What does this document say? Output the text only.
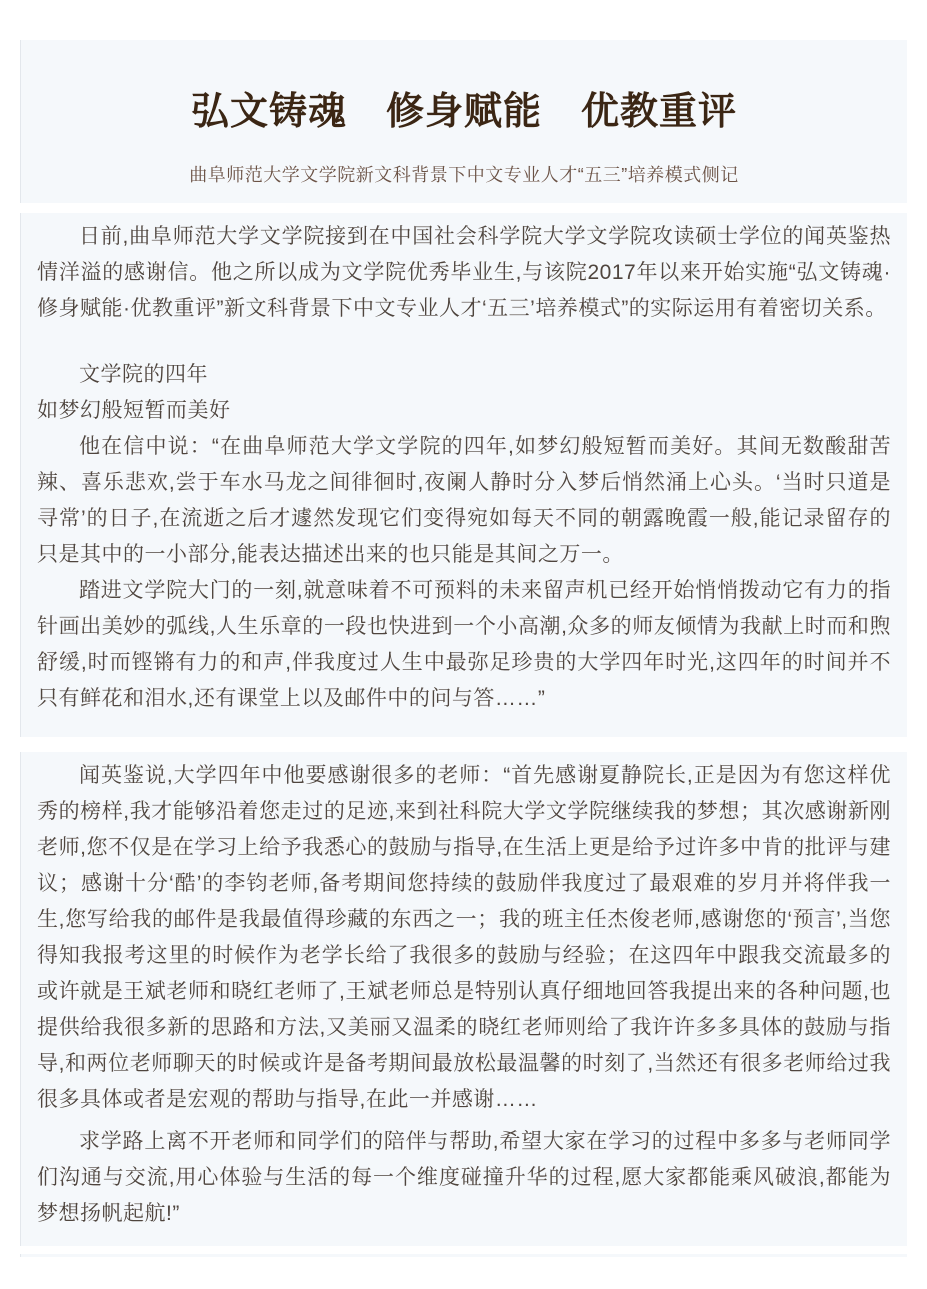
弘文铸魂　修身赋能　优教重评

曲阜师范大学文学院新文科背景下中文专业人才“五三”培养模式侧记

日前,曲阜师范大学文学院接到在中国社会科学院大学文学院攻读硕士学位的闻英鉴热情洋溢的感谢信。他之所以成为文学院优秀毕业生,与该院2017年以来开始实施“弘文铸魂·修身赋能·优教重评”新文科背景下中文专业人才‘五三’培养模式”的实际运用有着密切关系。

文学院的四年

如梦幻般短暂而美好

他在信中说：“在曲阜师范大学文学院的四年,如梦幻般短暂而美好。其间无数酸甜苦辣、喜乐悲欢,尝于车水马龙之间徘徊时,夜阑人静时分入梦后悄然涌上心头。‘当时只道是寻常’的日子,在流逝之后才遽然发现它们变得宛如每天不同的朝露晚霞一般,能记录留存的只是其中的一小部分,能表达描述出来的也只能是其间之万一。

踏进文学院大门的一刻,就意味着不可预料的未来留声机已经开始悄悄拨动它有力的指针画出美妙的弧线,人生乐章的一段也快进到一个小高潮,众多的师友倾情为我献上时而和煦舒缓,时而铿锵有力的和声,伴我度过人生中最弥足珍贵的大学四年时光,这四年的时间并不只有鲜花和泪水,还有课堂上以及邮件中的问与答……”

闻英鉴说,大学四年中他要感谢很多的老师：“首先感谢夏静院长,正是因为有您这样优秀的榜样,我才能够沿着您走过的足迹,来到社科院大学文学院继续我的梦想；其次感谢新刚老师,您不仅是在学习上给予我悉心的鼓励与指导,在生活上更是给予过许多中肯的批评与建议；感谢十分‘酷’的李钧老师,备考期间您持续的鼓励伴我度过了最艰难的岁月并将伴我一生,您写给我的邮件是我最值得珍藏的东西之一；我的班主任杰俊老师,感谢您的‘预言’,当您得知我报考这里的时候作为老学长给了我很多的鼓励与经验；在这四年中跟我交流最多的或许就是王斌老师和晓红老师了,王斌老师总是特别认真仔细地回答我提出来的各种问题,也提供给我很多新的思路和方法,又美丽又温柔的晓红老师则给了我许许多多具体的鼓励与指导,和两位老师聊天的时候或许是备考期间最放松最温馨的时刻了,当然还有很多老师给过我很多具体或者是宏观的帮助与指导,在此一并感谢……

求学路上离不开老师和同学们的陪伴与帮助,希望大家在学习的过程中多多与老师同学们沟通与交流,用心体验与生活的每一个维度碰撞升华的过程,愿大家都能乘风破浪,都能为梦想扬帆起航!”
